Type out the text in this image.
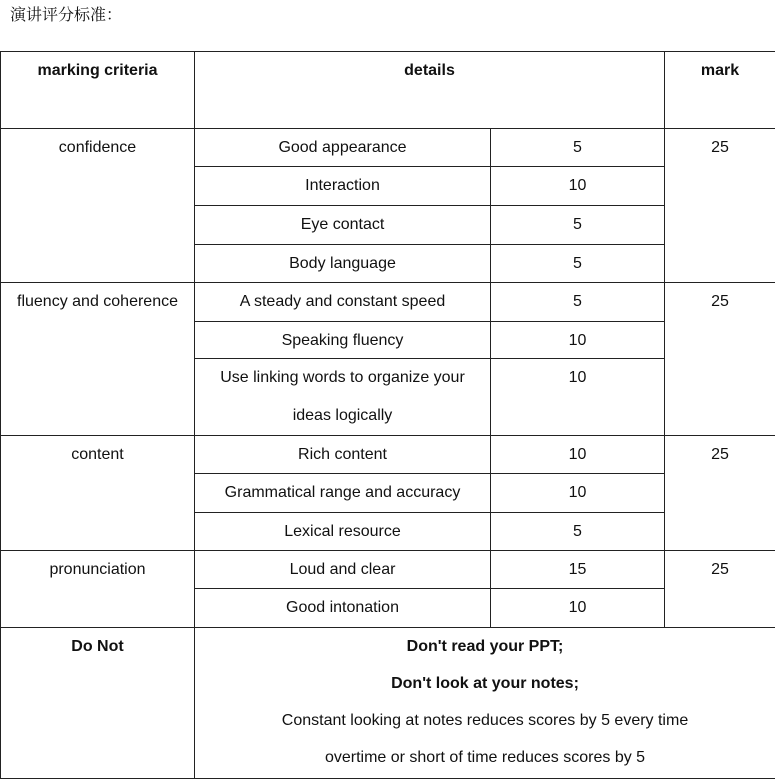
演讲评分标准：
marking criteria	details		mark
confidence	Good appearance	5	25
	Interaction	10	
	Eye contact	5	
	Body language	5	
fluency and coherence	A steady and constant speed	5	25
	Speaking fluency	10	
	Use linking words to organize your ideas logically	10	
content	Rich content	10	25
	Grammatical range and accuracy	10	
	Lexical resource	5	
pronunciation	Loud and clear	15	25
	Good intonation	10	
Do Not	Don't read your PPT;
Don't look at your notes;
Constant looking at notes reduces scores by 5 every time
overtime or short of time reduces scores by 5		
